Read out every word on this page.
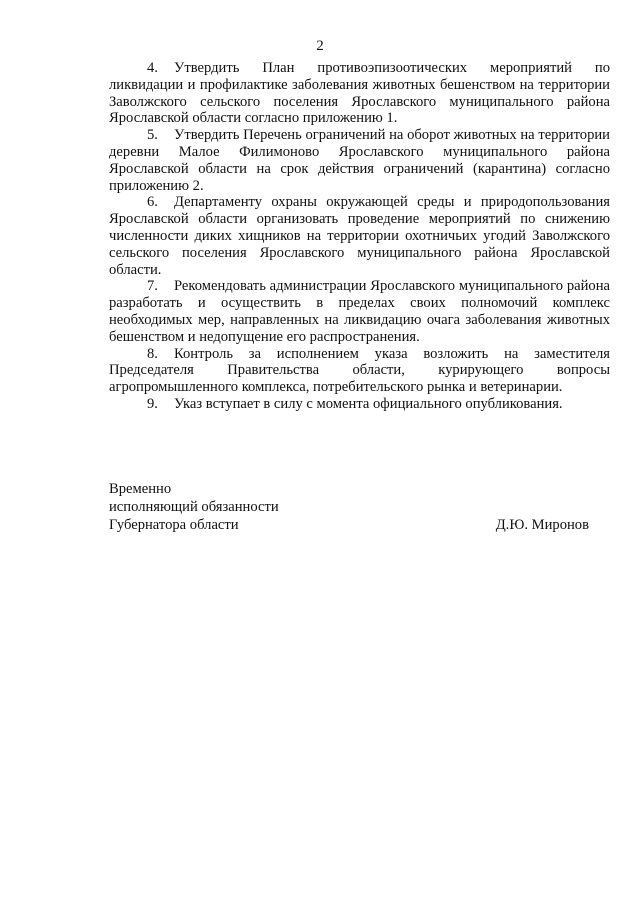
2

4. Утвердить План противоэпизоотических мероприятий по ликвидации и профилактике заболевания животных бешенством на территории Заволжского сельского поселения Ярославского муниципального района Ярославской области согласно приложению 1.

5. Утвердить Перечень ограничений на оборот животных на территории деревни Малое Филимоново Ярославского муниципального района Ярославской области на срок действия ограничений (карантина) согласно приложению 2.

6. Департаменту охраны окружающей среды и природопользования Ярославской области организовать проведение мероприятий по снижению численности диких хищников на территории охотничьих угодий Заволжского сельского поселения Ярославского муниципального района Ярославской области.

7. Рекомендовать администрации Ярославского муниципального района разработать и осуществить в пределах своих полномочий комплекс необходимых мер, направленных на ликвидацию очага заболевания животных бешенством и недопущение его распространения.

8. Контроль за исполнением указа возложить на заместителя Председателя Правительства области, курирующего вопросы агропромышленного комплекса, потребительского рынка и ветеринарии.

9. Указ вступает в силу с момента официального опубликования.

Временно
исполняющий обязанности
Губернатора области	Д.Ю. Миронов
